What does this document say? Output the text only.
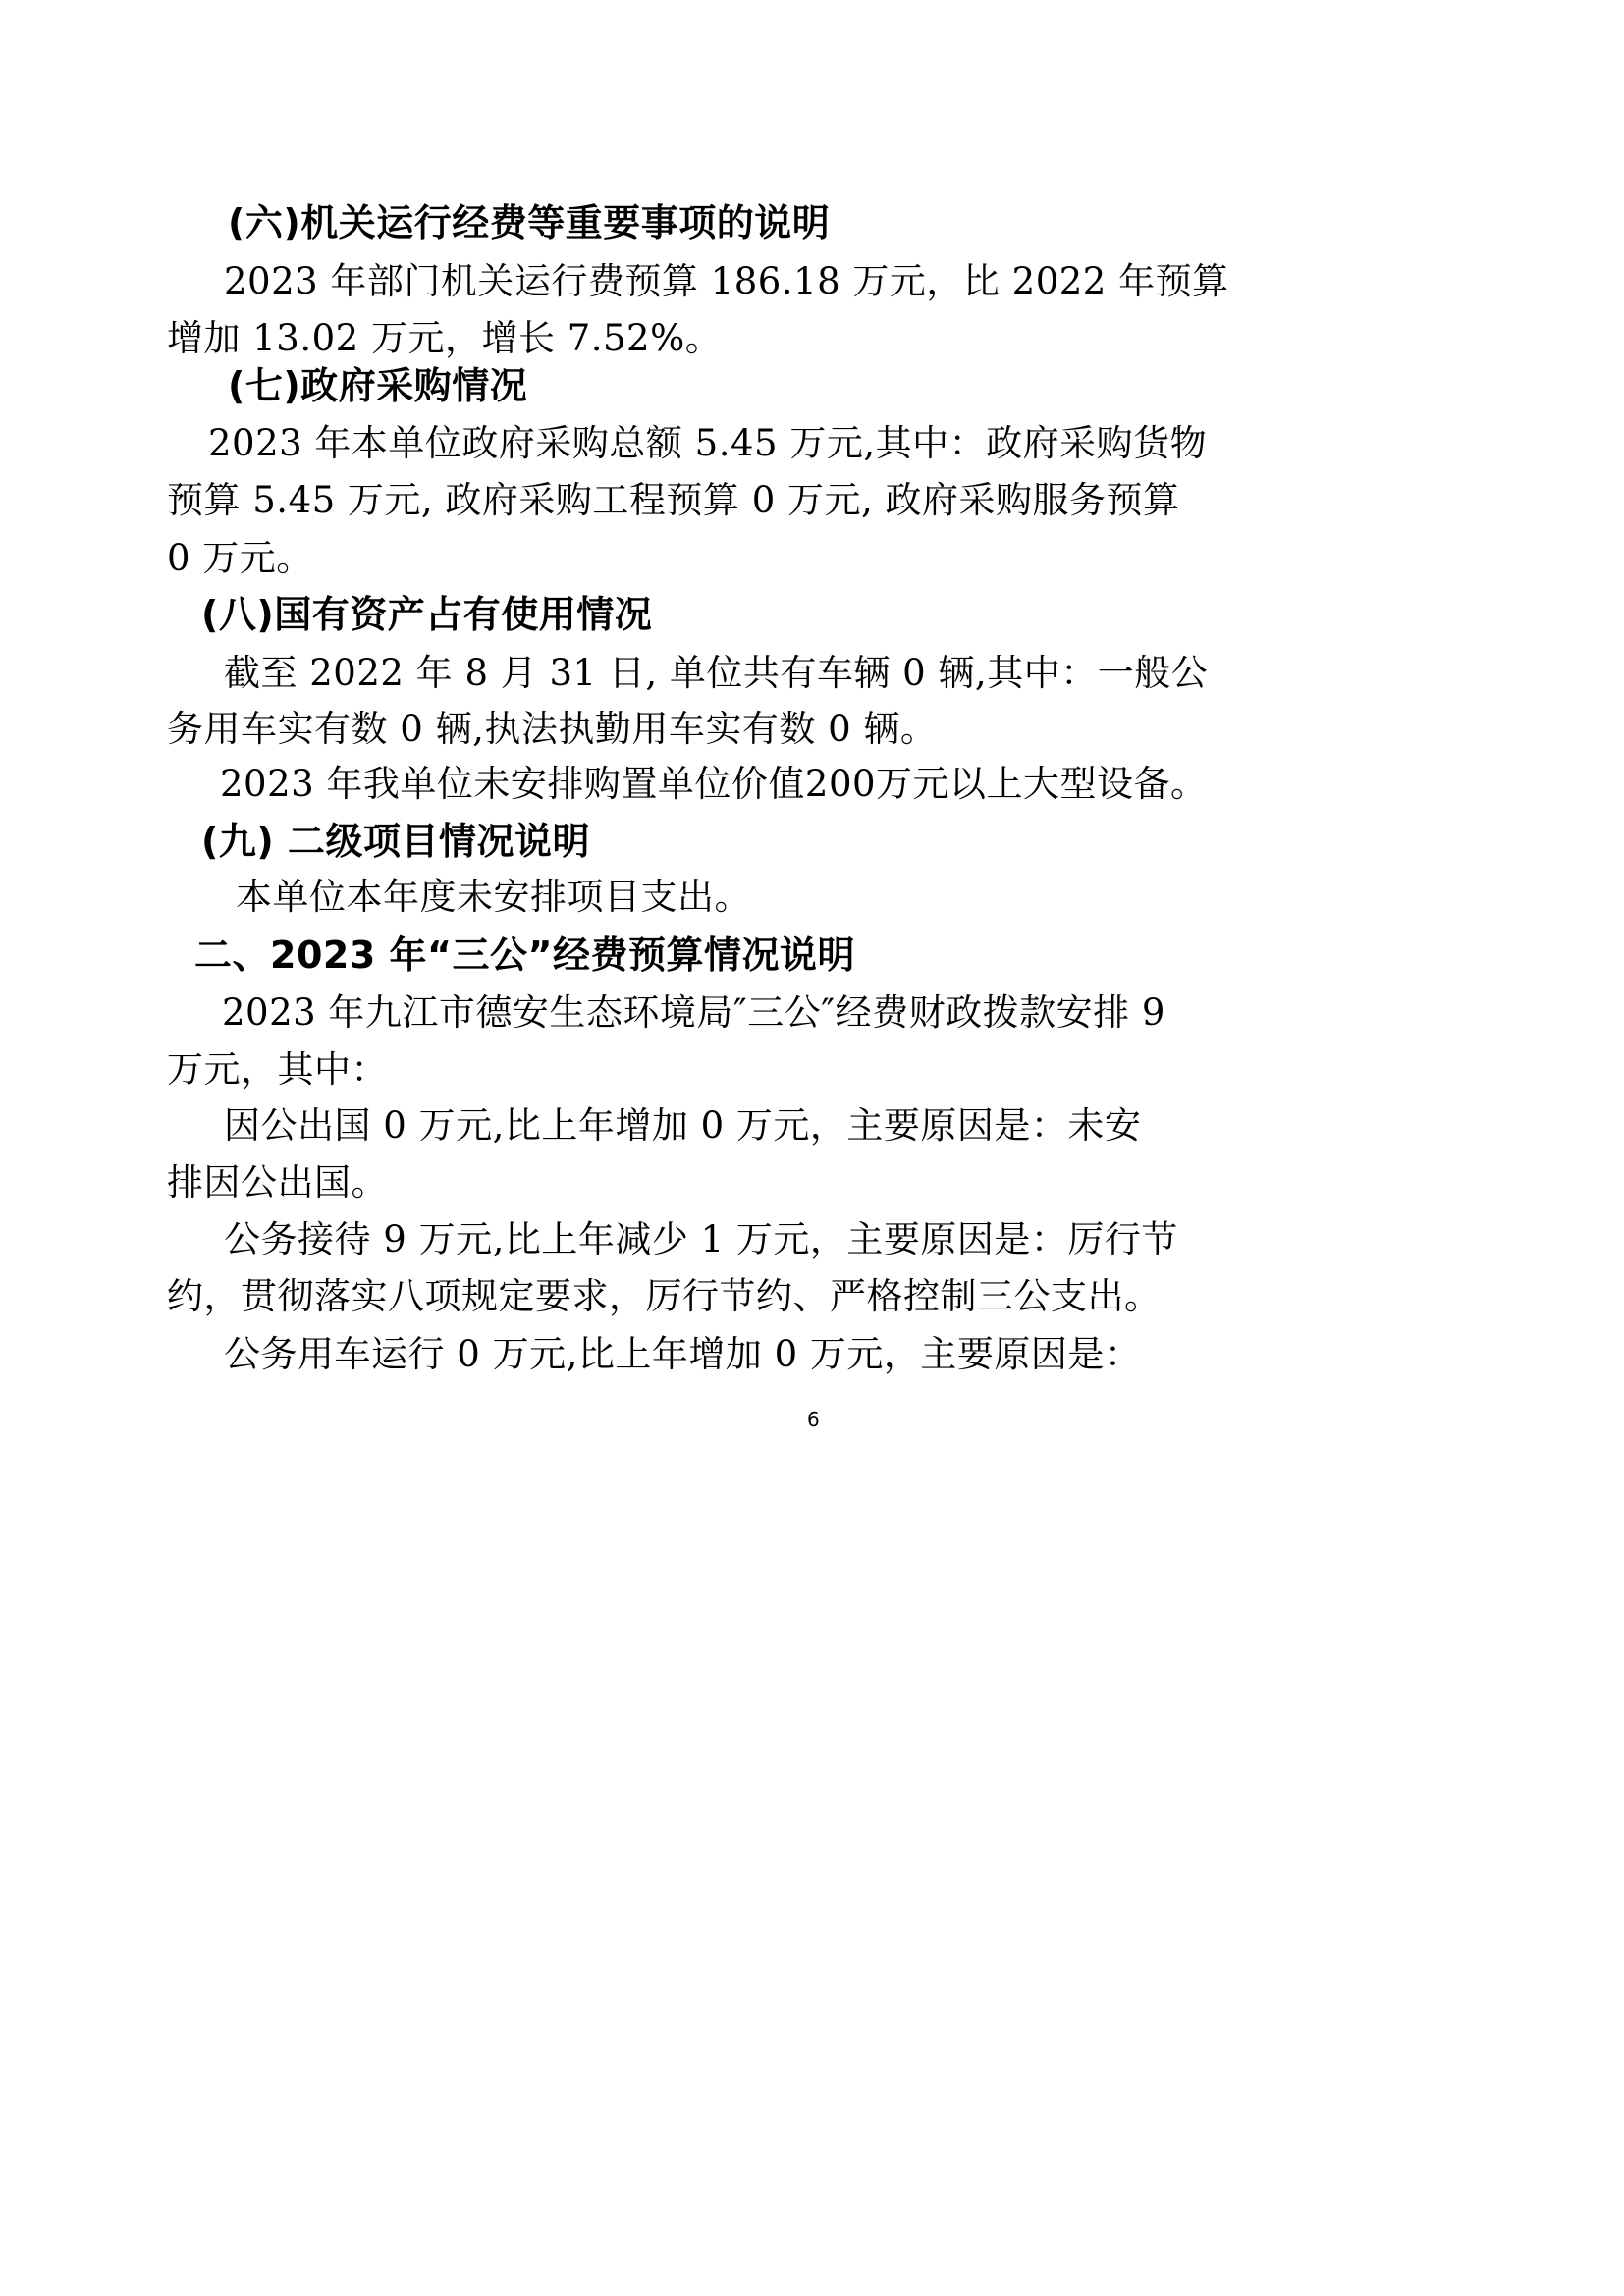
(六)机关运行经费等重要事项的说明
2023 年部门机关运行费预算 186.18 万元，比 2022 年预算
增加 13.02 万元，增长 7.52%。
(七)政府采购情况
2023 年本单位政府采购总额 5.45 万元,其中：政府采购货物
预算 5.45 万元, 政府采购工程预算 0 万元, 政府采购服务预算
0 万元。
(八)国有资产占有使用情况
截至 2022 年 8 月 31 日, 单位共有车辆 0 辆,其中：一般公
务用车实有数 0 辆,执法执勤用车实有数 0 辆。
2023 年我单位未安排购置单位价值200万元以上大型设备。
(九) 二级项目情况说明
本单位本年度未安排项目支出。
二、2023 年“三公”经费预算情况说明
2023 年九江市德安生态环境局″三公″经费财政拨款安排 9
万元，其中：
因公出国 0 万元,比上年增加 0 万元，主要原因是：未安
排因公出国。
公务接待 9 万元,比上年减少 1 万元，主要原因是：厉行节
约，贯彻落实八项规定要求，厉行节约、严格控制三公支出。
公务用车运行 0 万元,比上年增加 0 万元，主要原因是：
6
